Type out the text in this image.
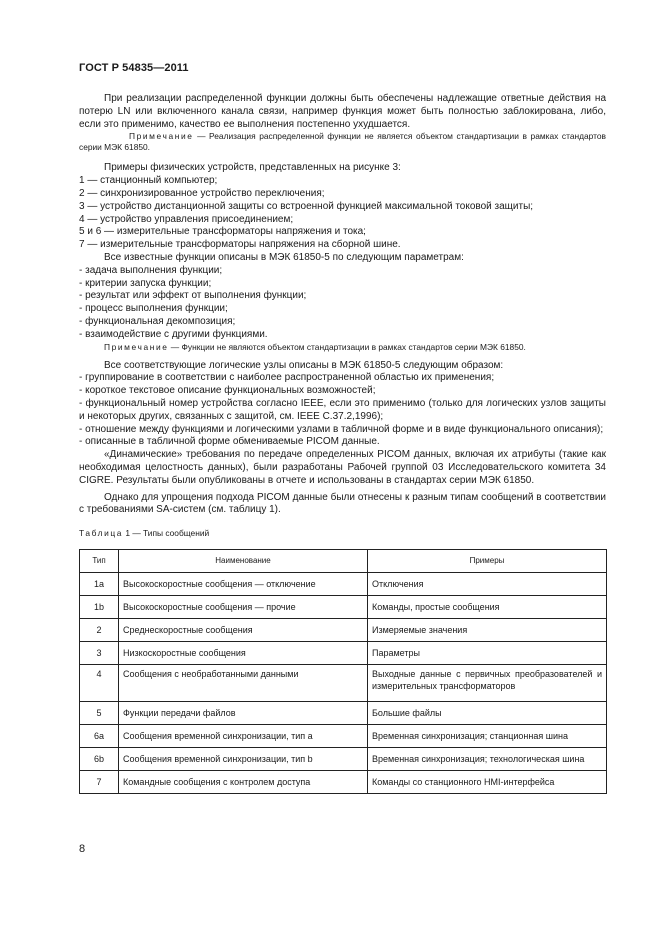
ГОСТ Р 54835—2011

При реализации распределенной функции должны быть обеспечены надлежащие ответные действия на потерю LN или включенного канала связи, например функция может быть полностью заблокирована, либо, если это применимо, качество ее выполнения постепенно ухудшается.

Примечание — Реализация распределенной функции не является объектом стандартизации в рамках стандартов серии МЭК 61850.

Примеры физических устройств, представленных на рисунке 3:

1 — станционный компьютер;

2 — синхронизированное устройство переключения;

3 — устройство дистанционной защиты со встроенной функцией максимальной токовой защиты;

4 — устройство управления присоединением;

5 и 6 — измерительные трансформаторы напряжения и тока;

7 — измерительные трансформаторы напряжения на сборной шине.

Все известные функции описаны в МЭК 61850-5 по следующим параметрам:

- задача выполнения функции;

- критерии запуска функции;

- результат или эффект от выполнения функции;

- процесс выполнения функции;

- функциональная декомпозиция;

- взаимодействие с другими функциями.

Примечание — Функции не являются объектом стандартизации в рамках стандартов серии МЭК 61850.

Все соответствующие логические узлы описаны в МЭК 61850-5 следующим образом:

- группирование в соответствии с наиболее распространенной областью их применения;

- короткое текстовое описание функциональных возможностей;

- функциональный номер устройства согласно IEEE, если это применимо (только для логических узлов защиты и некоторых других, связанных с защитой, см. IEEE C.37.2,1996);

- отношение между функциями и логическими узлами в табличной форме и в виде функционального описания);

- описанные в табличной форме обмениваемые PICOM данные.

«Динамические» требования по передаче определенных PICOM данных, включая их атрибуты (такие как необходимая целостность данных), были разработаны Рабочей группой 03 Исследовательского комитета 34 CIGRE. Результаты были опубликованы в отчете и использованы в стандартах серии МЭК 61850.

Однако для упрощения подхода PICOM данные были отнесены к разным типам сообщений в соответствии с требованиями SA-систем (см. таблицу 1).

Таблица 1 — Типы сообщений
Тип	Наименование	Примеры
1a	Высокоскоростные сообщения — отключение	Отключения
1b	Высокоскоростные сообщения — прочие	Команды, простые сообщения
2	Среднескоростные сообщения	Измеряемые значения
3	Низкоскоростные сообщения	Параметры
4	Сообщения с необработанными данными	Выходные данные с первичных преобразователей и измерительных трансформаторов
5	Функции передачи файлов	Большие файлы
6a	Сообщения временной синхронизации, тип a	Временная синхронизация; станционная шина
6b	Сообщения временной синхронизации, тип b	Временная синхронизация; технологическая шина
7	Командные сообщения с контролем доступа	Команды со станционного HMI-интерфейса
8
